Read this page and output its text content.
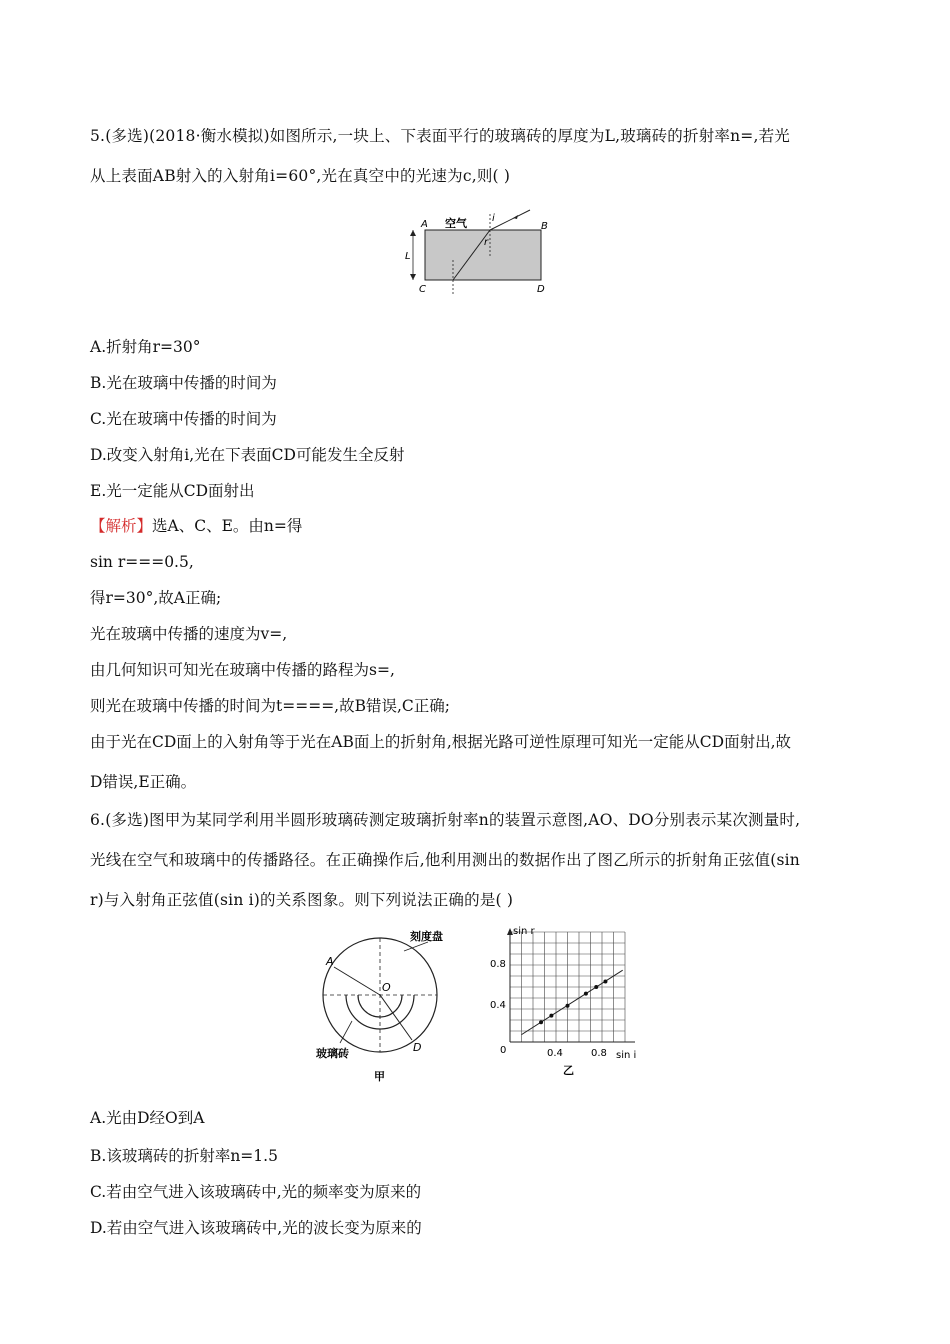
5.(多选)(2018·衡水模拟)如图所示,一块上、下表面平行的玻璃砖的厚度为L,玻璃砖的折射率n=,若光
从上表面AB射入的入射角i=60°,光在真空中的光速为c,则( )
A 空气	i
r
B
L
C	D
A.折射角r=30°
B.光在玻璃中传播的时间为
C.光在玻璃中传播的时间为
D.改变入射角i,光在下表面CD可能发生全反射
E.光一定能从CD面射出
【解析】选A、C、E。由n=得
sin r===0.5,
得r=30°,故A正确;
光在玻璃中传播的速度为v=,
由几何知识可知光在玻璃中传播的路程为s=,
则光在玻璃中传播的时间为t====,故B错误,C正确;
由于光在CD面上的入射角等于光在AB面上的折射角,根据光路可逆性原理可知光一定能从CD面射出,故
D错误,E正确。
6.(多选)图甲为某同学利用半圆形玻璃砖测定玻璃折射率n的装置示意图,AO、DO分别表示某次测量时,
光线在空气和玻璃中的传播路径。在正确操作后,他利用测出的数据作出了图乙所示的折射角正弦值(sin
r)与入射角正弦值(sin i)的关系图象。则下列说法正确的是( )
刻度盘
A
O
D
玻璃砖
甲
sin r
sin i
0
0.8
0.4
0.4	0.8
乙
A.光由D经O到A
B.该玻璃砖的折射率n=1.5
C.若由空气进入该玻璃砖中,光的频率变为原来的
D.若由空气进入该玻璃砖中,光的波长变为原来的
